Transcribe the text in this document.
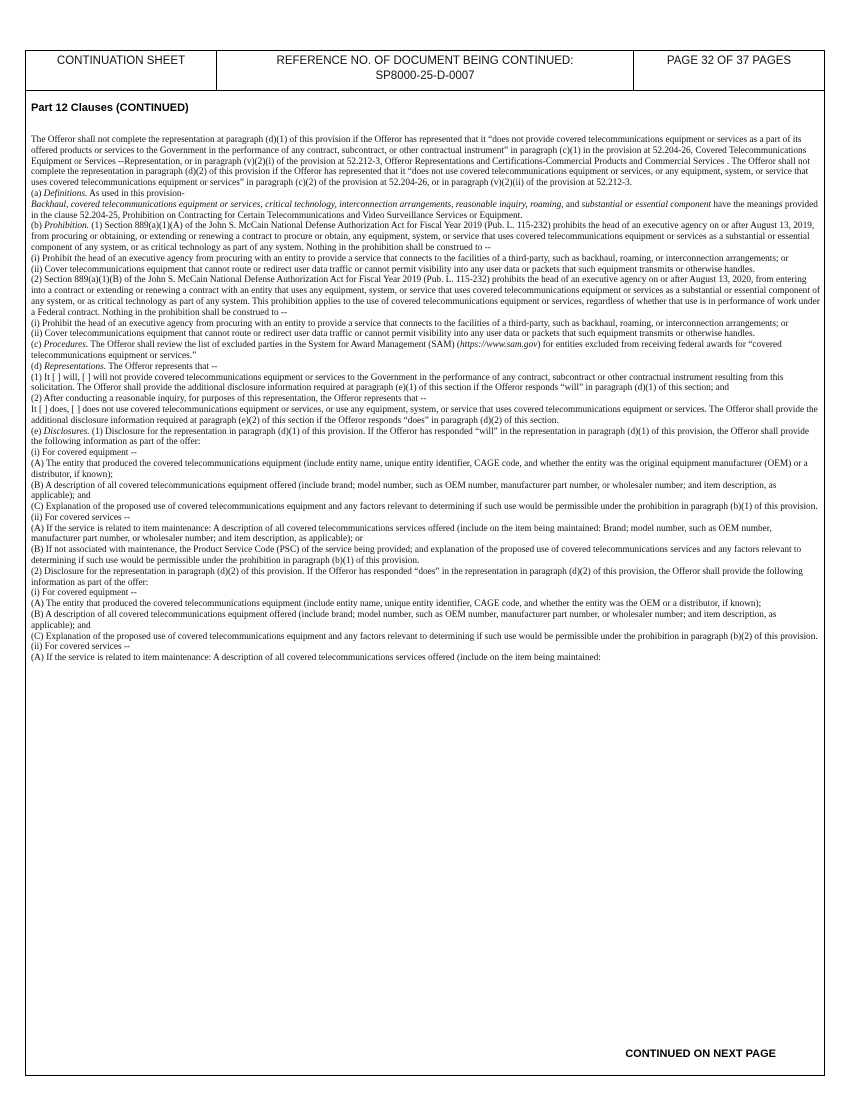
CONTINUATION SHEET	REFERENCE NO. OF DOCUMENT BEING CONTINUED:
SP8000-25-D-0007
PAGE 32 OF 37 PAGES
Part 12 Clauses (CONTINUED)

The Offeror shall not complete the representation at paragraph (d)(1) of this provision if the Offeror has represented that it “does not provide covered telecommunications equipment or services as a part of its offered products or services to the Government in the performance of any contract, subcontract, or other contractual instrument” in paragraph (c)(1) in the provision at 52.204-26, Covered Telecommunications Equipment or Services --Representation, or in paragraph (v)(2)(i) of the provision at 52.212-3, Offeror Representations and Certifications-Commercial Products and Commercial Services . The Offeror shall not complete the representation in paragraph (d)(2) of this provision if the Offeror has represented that it “does not use covered telecommunications equipment or services, or any equipment, system, or service that uses covered telecommunications equipment or services” in paragraph (c)(2) of the provision at 52.204-26, or in paragraph (v)(2)(ii) of the provision at 52.212-3.

(a) Definitions. As used in this provision-

Backhaul, covered telecommunications equipment or services, critical technology, interconnection arrangements, reasonable inquiry, roaming, and substantial or essential component have the meanings provided in the clause 52.204-25, Prohibition on Contracting for Certain Telecommunications and Video Surveillance Services or Equipment.

(b) Prohibition. (1) Section 889(a)(1)(A) of the John S. McCain National Defense Authorization Act for Fiscal Year 2019 (Pub. L. 115-232) prohibits the head of an executive agency on or after August 13, 2019, from procuring or obtaining, or extending or renewing a contract to procure or obtain, any equipment, system, or service that uses covered telecommunications equipment or services as a substantial or essential component of any system, or as critical technology as part of any system. Nothing in the prohibition shall be construed to --

(i) Prohibit the head of an executive agency from procuring with an entity to provide a service that connects to the facilities of a third-party, such as backhaul, roaming, or interconnection arrangements; or

(ii) Cover telecommunications equipment that cannot route or redirect user data traffic or cannot permit visibility into any user data or packets that such equipment transmits or otherwise handles.

(2) Section 889(a)(1)(B) of the John S. McCain National Defense Authorization Act for Fiscal Year 2019 (Pub. L. 115-232) prohibits the head of an executive agency on or after August 13, 2020, from entering into a contract or extending or renewing a contract with an entity that uses any equipment, system, or service that uses covered telecommunications equipment or services as a substantial or essential component of any system, or as critical technology as part of any system. This prohibition applies to the use of covered telecommunications equipment or services, regardless of whether that use is in performance of work under a Federal contract. Nothing in the prohibition shall be construed to --

(i) Prohibit the head of an executive agency from procuring with an entity to provide a service that connects to the facilities of a third-party, such as backhaul, roaming, or interconnection arrangements; or

(ii) Cover telecommunications equipment that cannot route or redirect user data traffic or cannot permit visibility into any user data or packets that such equipment transmits or otherwise handles.

(c) Procedures. The Offeror shall review the list of excluded parties in the System for Award Management (SAM) (https://www.sam.gov) for entities excluded from receiving federal awards for “covered telecommunications equipment or services.”

(d) Representations. The Offeror represents that --

(1) It [ ] will, [ ] will not provide covered telecommunications equipment or services to the Government in the performance of any contract, subcontract or other contractual instrument resulting from this solicitation. The Offeror shall provide the additional disclosure information required at paragraph (e)(1) of this section if the Offeror responds “will” in paragraph (d)(1) of this section; and

(2) After conducting a reasonable inquiry, for purposes of this representation, the Offeror represents that --

It [ ] does, [ ] does not use covered telecommunications equipment or services, or use any equipment, system, or service that uses covered telecommunications equipment or services. The Offeror shall provide the additional disclosure information required at paragraph (e)(2) of this section if the Offeror responds “does” in paragraph (d)(2) of this section.

(e) Disclosures. (1) Disclosure for the representation in paragraph (d)(1) of this provision. If the Offeror has responded “will” in the representation in paragraph (d)(1) of this provision, the Offeror shall provide the following information as part of the offer:

(i) For covered equipment --

(A) The entity that produced the covered telecommunications equipment (include entity name, unique entity identifier, CAGE code, and whether the entity was the original equipment manufacturer (OEM) or a distributor, if known);

(B) A description of all covered telecommunications equipment offered (include brand; model number, such as OEM number, manufacturer part number, or wholesaler number; and item description, as applicable); and

(C) Explanation of the proposed use of covered telecommunications equipment and any factors relevant to determining if such use would be permissible under the prohibition in paragraph (b)(1) of this provision.

(ii) For covered services --

(A) If the service is related to item maintenance: A description of all covered telecommunications services offered (include on the item being maintained: Brand; model number, such as OEM number, manufacturer part number, or wholesaler number; and item description, as applicable); or

(B) If not associated with maintenance, the Product Service Code (PSC) of the service being provided; and explanation of the proposed use of covered telecommunications services and any factors relevant to determining if such use would be permissible under the prohibition in paragraph (b)(1) of this provision.

(2) Disclosure for the representation in paragraph (d)(2) of this provision. If the Offeror has responded “does” in the representation in paragraph (d)(2) of this provision, the Offeror shall provide the following information as part of the offer:

(i) For covered equipment --

(A) The entity that produced the covered telecommunications equipment (include entity name, unique entity identifier, CAGE code, and whether the entity was the OEM or a distributor, if known);

(B) A description of all covered telecommunications equipment offered (include brand; model number, such as OEM number, manufacturer part number, or wholesaler number; and item description, as applicable); and

(C) Explanation of the proposed use of covered telecommunications equipment and any factors relevant to determining if such use would be permissible under the prohibition in paragraph (b)(2) of this provision.

(ii) For covered services --

(A) If the service is related to item maintenance: A description of all covered telecommunications services offered (include on the item being maintained:

CONTINUED ON NEXT PAGE
